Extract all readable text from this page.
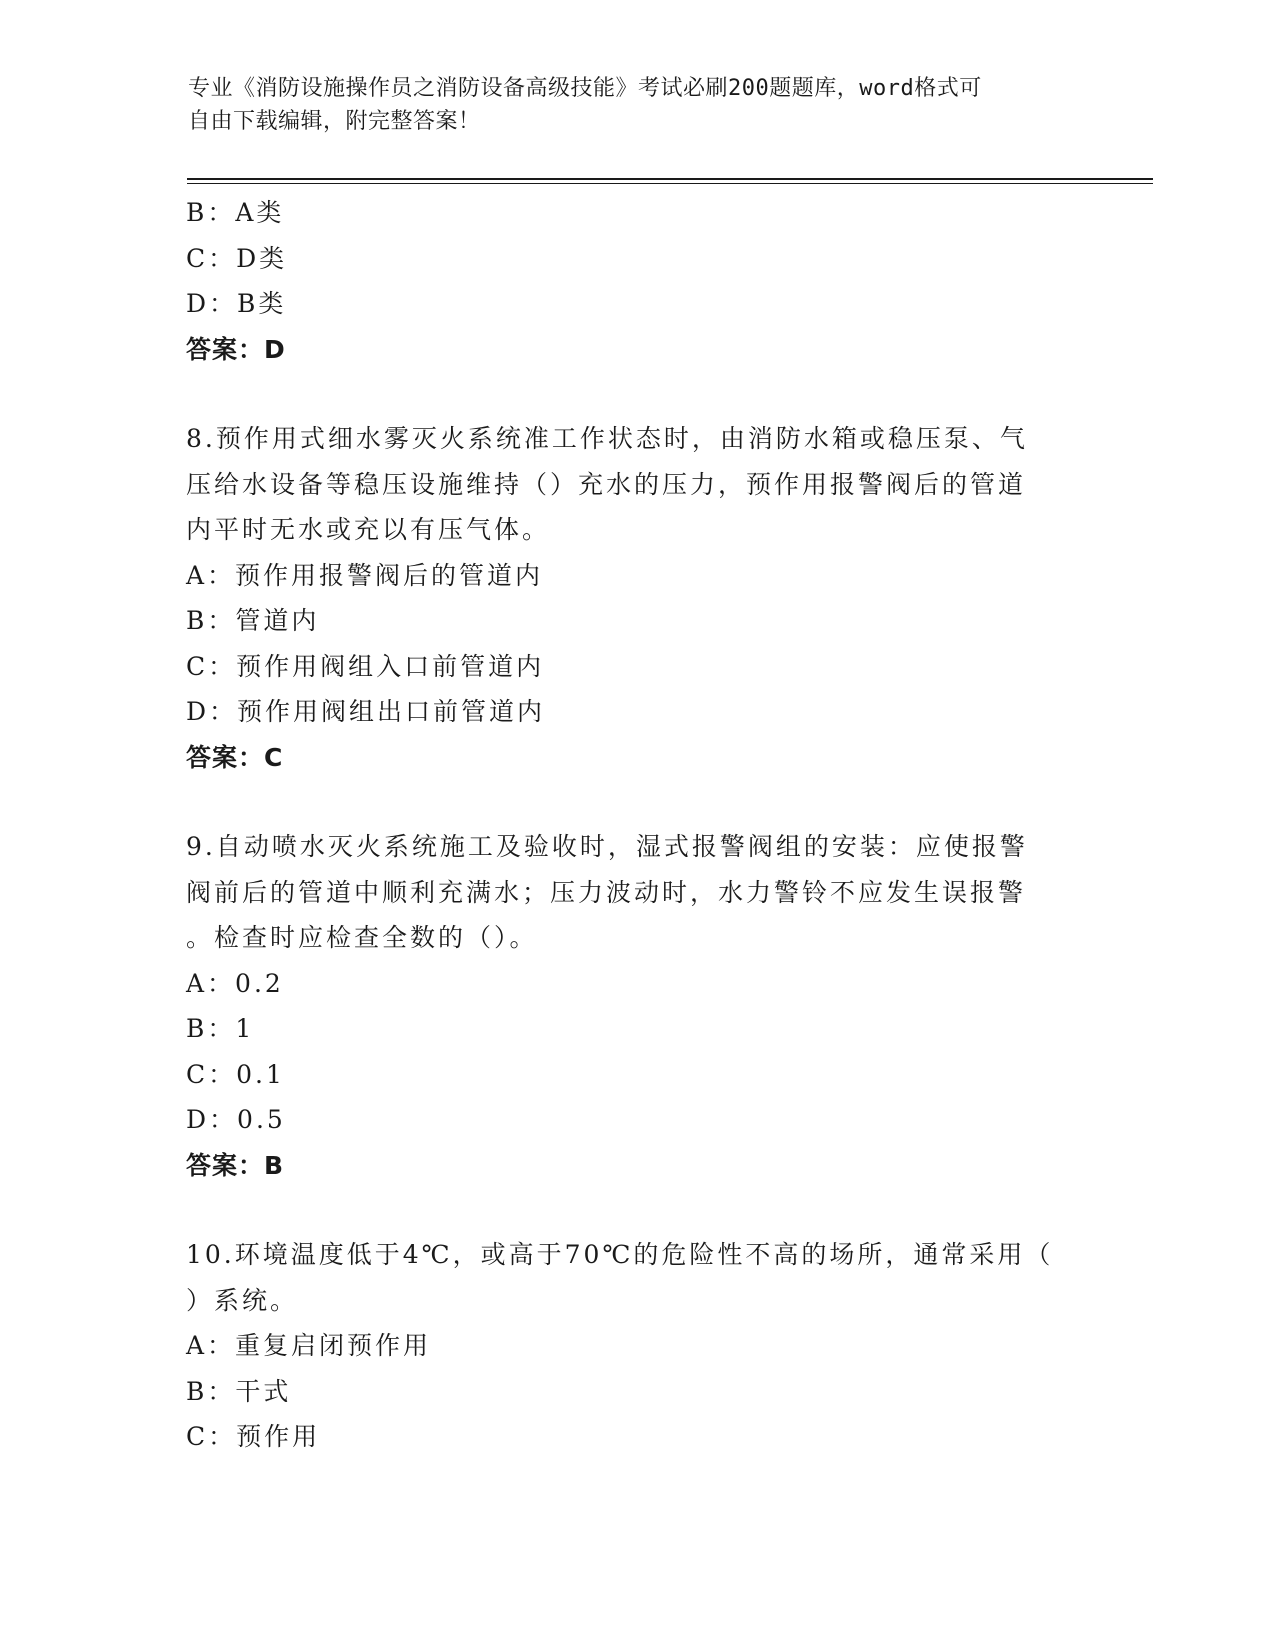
专业《消防设施操作员之消防设备高级技能》考试必刷200题题库，word格式可
自由下载编辑，附完整答案！
B：A类
C：D类
D：B类
答案：D
8.预作用式细水雾灭火系统准工作状态时，由消防水箱或稳压泵、气
压给水设备等稳压设施维持（）充水的压力，预作用报警阀后的管道
内平时无水或充以有压气体。
A：预作用报警阀后的管道内
B：管道内
C：预作用阀组入口前管道内
D：预作用阀组出口前管道内
答案：C
9.自动喷水灭火系统施工及验收时，湿式报警阀组的安装：应使报警
阀前后的管道中顺利充满水；压力波动时，水力警铃不应发生误报警
。检查时应检查全数的（）。
A：0.2
B：1
C：0.1
D：0.5
答案：B
10.环境温度低于4℃，或高于70℃的危险性不高的场所，通常采用（
）系统。
A：重复启闭预作用
B：干式
C：预作用
